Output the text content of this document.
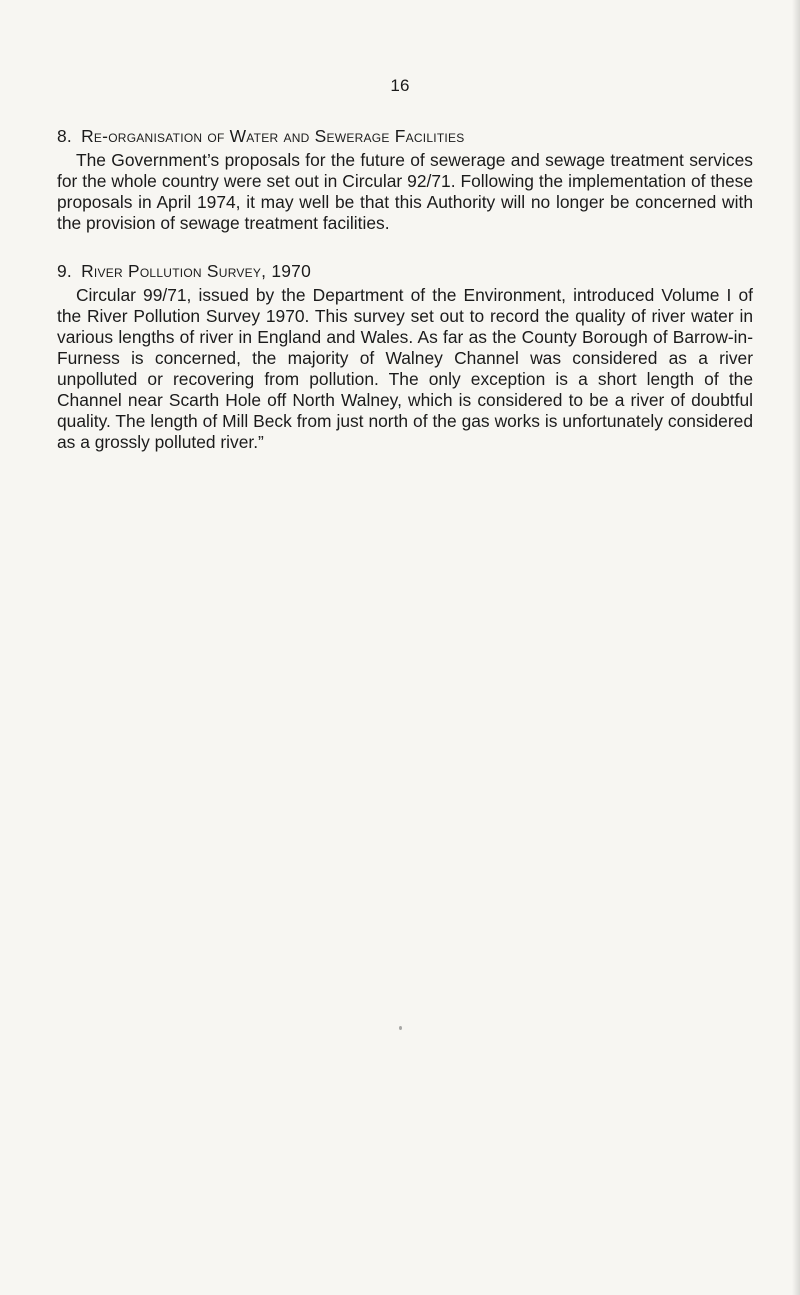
16
8. Re-organisation of Water and Sewerage Facilities

The Government’s proposals for the future of sewerage and sewage treatment services for the whole country were set out in Circular 92/71. Following the implementation of these proposals in April 1974, it may well be that this Authority will no longer be concerned with the provision of sewage treatment facilities.

9. River Pollution Survey, 1970

Circular 99/71, issued by the Department of the Environment, introduced Volume I of the River Pollution Survey 1970. This survey set out to record the quality of river water in various lengths of river in England and Wales. As far as the County Borough of Barrow-in-Furness is concerned, the majority of Walney Channel was considered as a river unpolluted or recovering from pollution. The only exception is a short length of the Channel near Scarth Hole off North Walney, which is considered to be a river of doubtful quality. The length of Mill Beck from just north of the gas works is unfortunately considered as a grossly polluted river.”
